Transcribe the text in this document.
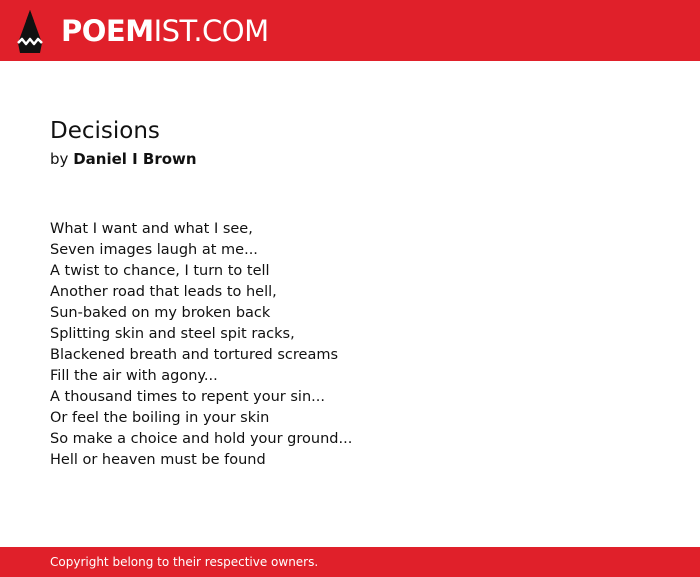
POEMIST.COM
Decisions
by Daniel I Brown
What I want and what I see,
Seven images laugh at me...
A twist to chance, I turn to tell
Another road that leads to hell,
Sun-baked on my broken back
Splitting skin and steel spit racks,
Blackened breath and tortured screams
Fill the air with agony...
A thousand times to repent your sin...
Or feel the boiling in your skin
So make a choice and hold your ground...
Hell or heaven must be found
Copyright belong to their respective owners.
